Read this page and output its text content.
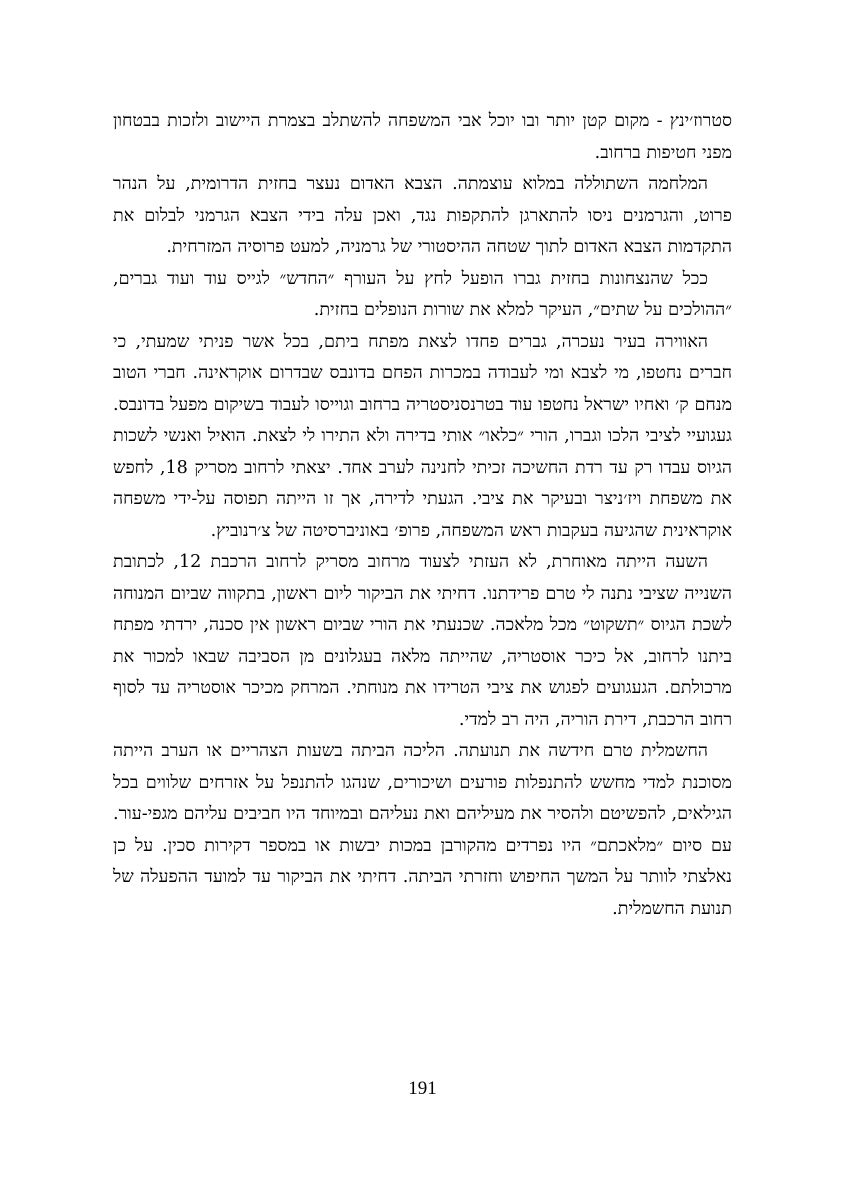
סטרוז׳ינץ - מקום קטן יותר ובו יוכל אבי המשפחה להשתלב בצמרת היישוב ולזכות בבטחון מפני חטיפות ברחוב.

המלחמה השתוללה במלוא עוצמתה. הצבא האדום נעצר בחזית הדרומית, על הנהר פרוט, והגרמנים ניסו להתארגן להתקפות נגד, ואכן עלה בידי הצבא הגרמני לבלום את התקדמות הצבא האדום לתוך שטחה ההיסטורי של גרמניה, למעט פרוסיה המזרחית.

ככל שהנצחונות בחזית גברו הופעל לחץ על העורף ״החדש״ לגייס עוד ועוד גברים, ״ההולכים על שתים״, העיקר למלא את שורות הנופלים בחזית.

האווירה בעיר נעכרה, גברים פחדו לצאת מפתח ביתם, בכל אשר פניתי שמעתי, כי חברים נחטפו, מי לצבא ומי לעבודה במכרות הפחם בדונבס שבדרום אוקראינה. חברי הטוב מנחם ק׳ ואחיו ישראל נחטפו עוד בטרנסניסטריה ברחוב וגוייסו לעבוד בשיקום מפעל בדונבס. געגועיי לציבי הלכו וגברו, הורי ״כלאו״ אותי בדירה ולא התירו לי לצאת. הואיל ואנשי לשכות הגיוס עבדו רק עד רדת החשיכה זכיתי לחנינה לערב אחד. יצאתי לרחוב מסריק 18, לחפש את משפחת ויז׳ניצר ובעיקר את ציבי. הגעתי לדירה, אך זו הייתה תפוסה על-ידי משפחה אוקראינית שהגיעה בעקבות ראש המשפחה, פרופ׳ באוניברסיטה של צ׳רנוביץ.

השעה הייתה מאוחרת, לא העזתי לצעוד מרחוב מסריק לרחוב הרכבת 12, לכתובת השנייה שציבי נתנה לי טרם פרידתנו. דחיתי את הביקור ליום ראשון, בתקווה שביום המנוחה לשכת הגיוס ״תשקוט״ מכל מלאכה. שכנעתי את הורי שביום ראשון אין סכנה, ירדתי מפתח ביתנו לרחוב, אל כיכר אוסטריה, שהייתה מלאה בעגלונים מן הסביבה שבאו למכור את מרכולתם. הגעגועים לפגוש את ציבי הטרידו את מנוחתי. המרחק מכיכר אוסטריה עד לסוף רחוב הרכבת, דירת הוריה, היה רב למדי.

החשמלית טרם חידשה את תנועתה. הליכה הביתה בשעות הצהריים או הערב הייתה מסוכנת למדי מחשש להתנפלות פורעים ושיכורים, שנהגו להתנפל על אזרחים שלווים בכל הגילאים, להפשיטם ולהסיר את מעיליהם ואת נעליהם ובמיוחד היו חביבים עליהם מגפי-עור. עם סיום ״מלאכתם״ היו נפרדים מהקורבן במכות יבשות או במספר דקירות סכין. על כן נאלצתי לוותר על המשך החיפוש וחזרתי הביתה. דחיתי את הביקור עד למועד ההפעלה של תנועת החשמלית.

191
